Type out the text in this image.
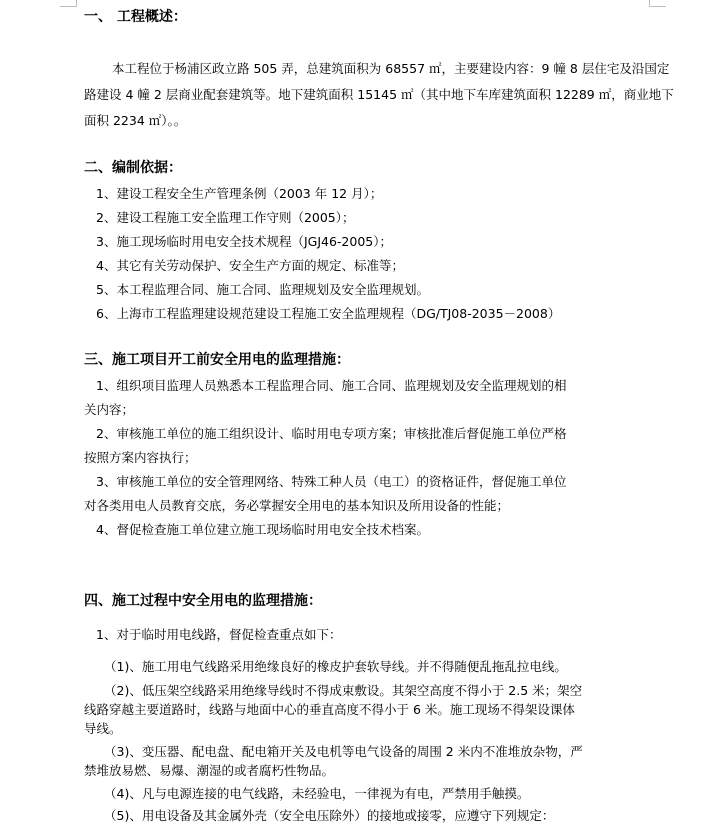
一、 工程概述：
本工程位于杨浦区政立路 505 弄，总建筑面积为 68557 ㎡，主要建设内容：9 幢 8 层住宅及沿国定
路建设 4 幢 2 层商业配套建筑等。地下建筑面积 15145 ㎡（其中地下车库建筑面积 12289 ㎡，商业地下
面积 2234 ㎡）。。
二、编制依据：
1、建设工程安全生产管理条例（2003 年 12 月）；
2、建设工程施工安全监理工作守则（2005）；
3、施工现场临时用电安全技术规程（JGJ46-2005）；
4、其它有关劳动保护、安全生产方面的规定、标准等；
5、本工程监理合同、施工合同、监理规划及安全监理规划。
6、上海市工程监理建设规范建设工程施工安全监理规程（DG/TJ08-2035－2008）
三、施工项目开工前安全用电的监理措施：
1、组织项目监理人员熟悉本工程监理合同、施工合同、监理规划及安全监理规划的相
关内容；
2、审核施工单位的施工组织设计、临时用电专项方案；审核批准后督促施工单位严格
按照方案内容执行；
3、审核施工单位的安全管理网络、特殊工种人员（电工）的资格证件，督促施工单位
对各类用电人员教育交底，务必掌握安全用电的基本知识及所用设备的性能；
4、督促检查施工单位建立施工现场临时用电安全技术档案。
四、施工过程中安全用电的监理措施：
1、对于临时用电线路，督促检查重点如下：
（1)、施工用电气线路采用绝缘良好的橡皮护套软导线。并不得随便乱拖乱拉电线。
（2)、低压架空线路采用绝缘导线时不得成束敷设。其架空高度不得小于 2.5 米；架空
线路穿越主要道路时，线路与地面中心的垂直高度不得小于 6 米。施工现场不得架设课体
导线。
（3)、变压器、配电盘、配电箱开关及电机等电气设备的周围 2 米内不准堆放杂物，严
禁堆放易燃、易爆、潮湿的或者腐朽性物品。
（4)、凡与电源连接的电气线路，未经验电，一律视为有电，严禁用手触摸。
（5)、用电设备及其金属外壳（安全电压除外）的接地或接零，应遵守下列规定：
